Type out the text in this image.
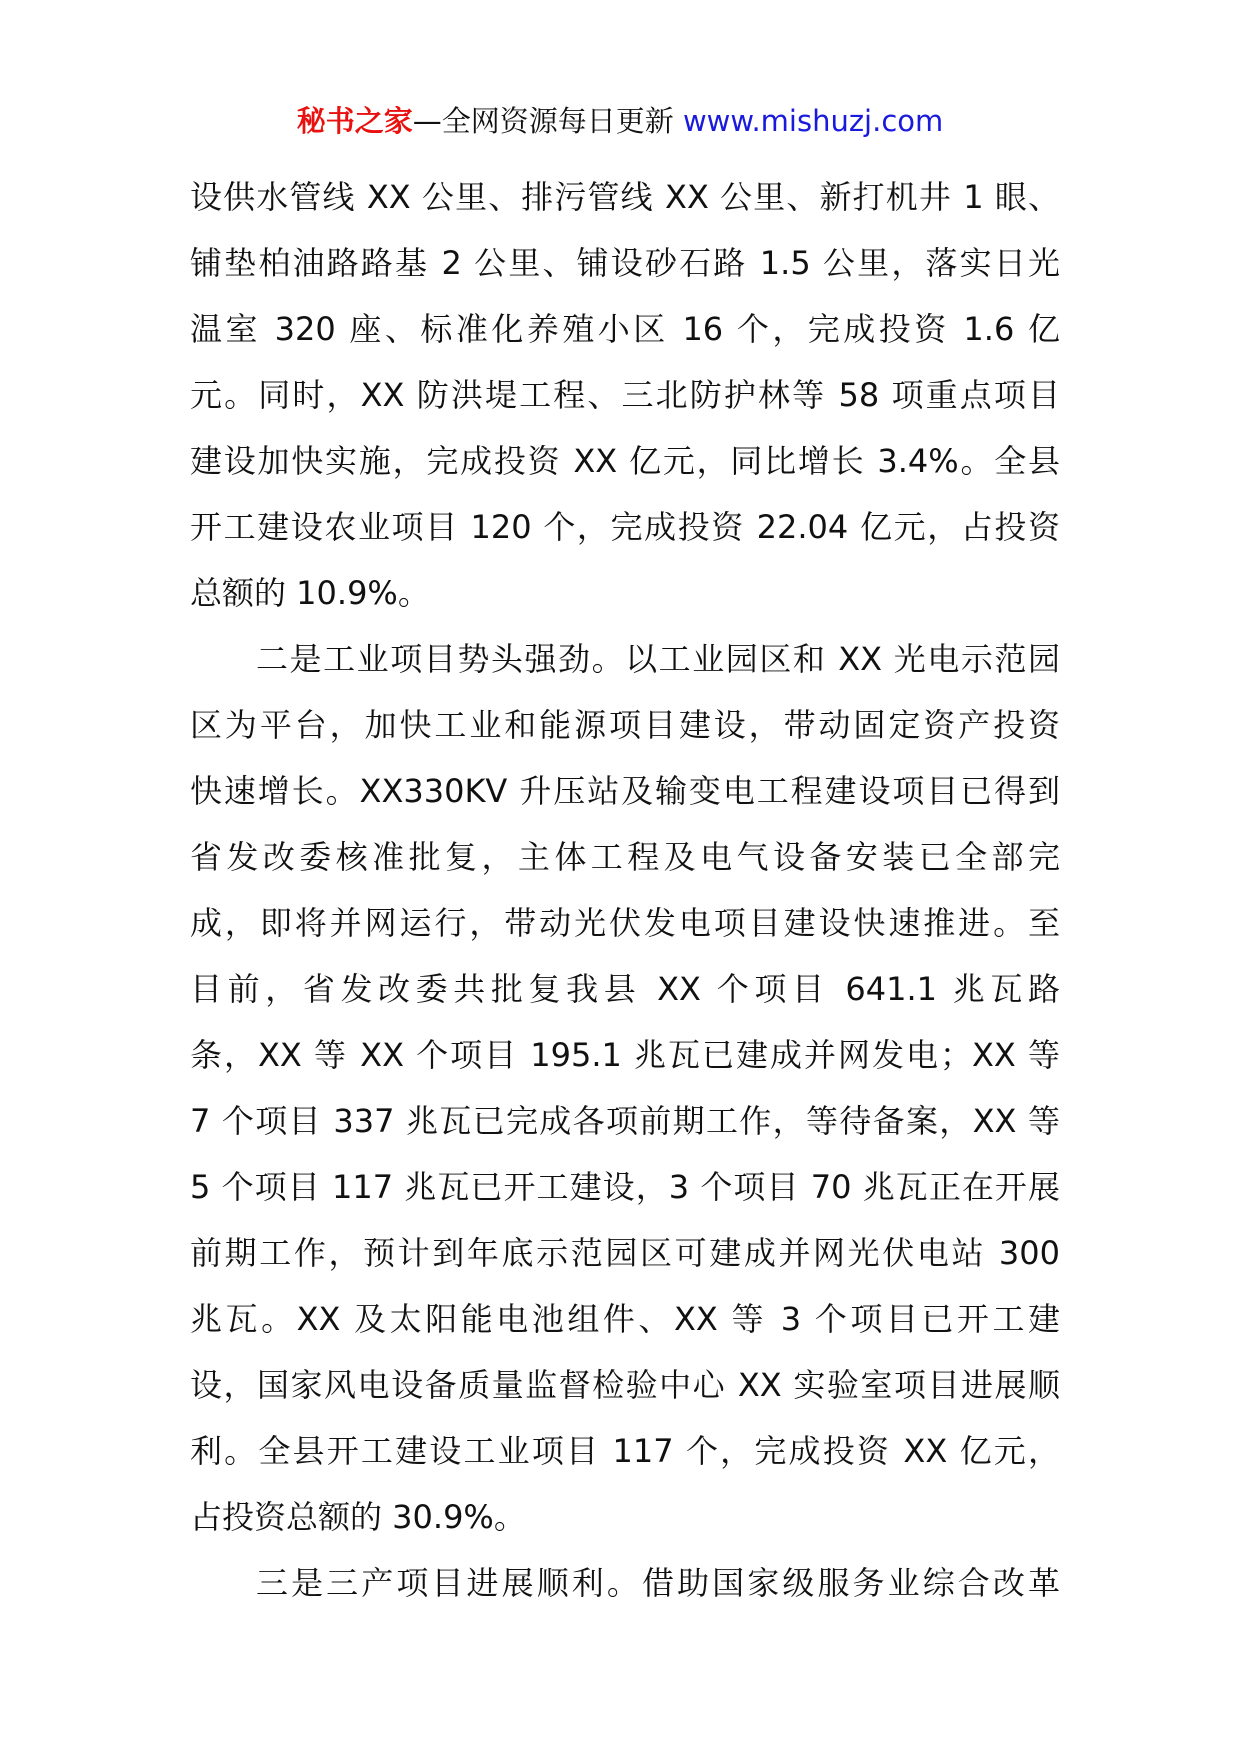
秘书之家—全网资源每日更新 www.mishuzj.com
设供水管线 XX 公里、排污管线 XX 公里、新打机井 1 眼、
铺垫柏油路路基 2 公里、铺设砂石路 1.5 公里，落实日光
温室 320 座、标准化养殖小区 16 个，完成投资 1.6 亿
元。同时，XX 防洪堤工程、三北防护林等 58 项重点项目
建设加快实施，完成投资 XX 亿元，同比增长 3.4%。全县
开工建设农业项目 120 个，完成投资 22.04 亿元，占投资
总额的 10.9%。
二是工业项目势头强劲。以工业园区和 XX 光电示范园
区为平台，加快工业和能源项目建设，带动固定资产投资
快速增长。XX330KV 升压站及输变电工程建设项目已得到
省发改委核准批复，主体工程及电气设备安装已全部完
成，即将并网运行，带动光伏发电项目建设快速推进。至
目前，省发改委共批复我县 XX 个项目 641.1 兆瓦路
条，XX 等 XX 个项目 195.1 兆瓦已建成并网发电；XX 等
7 个项目 337 兆瓦已完成各项前期工作，等待备案，XX 等
5 个项目 117 兆瓦已开工建设，3 个项目 70 兆瓦正在开展
前期工作，预计到年底示范园区可建成并网光伏电站 300
兆瓦。XX 及太阳能电池组件、XX 等 3 个项目已开工建
设，国家风电设备质量监督检验中心 XX 实验室项目进展顺
利。全县开工建设工业项目 117 个，完成投资 XX 亿元，
占投资总额的 30.9%。
三是三产项目进展顺利。借助国家级服务业综合改革
